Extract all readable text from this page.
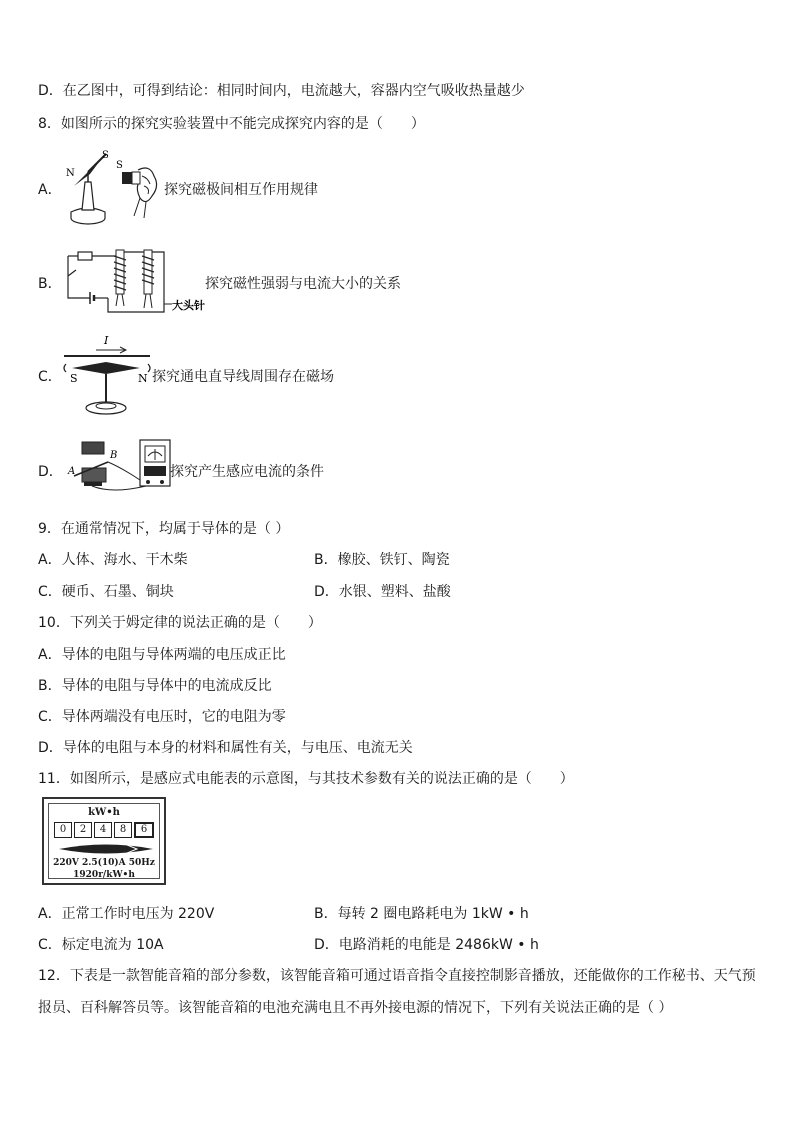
D．在乙图中，可得到结论：相同时间内，电流越大，容器内空气吸收热量越少
8．如图所示的探究实验装置中不能完成探究内容的是（　　）
A．
N
S
S
探究磁极间相互作用规律
B．
大头针
探究磁性强弱与电流大小的关系
C．
I
S	N 探究通电直导线周围存在磁场
D． A
B
探究产生感应电流的条件
9．在通常情况下，均属于导体的是（ ）
A．人体、海水、干木柴	B．橡胶、铁钉、陶瓷
C．硬币、石墨、铜块	D．水银、塑料、盐酸
10．下列关于姆定律的说法正确的是（　　）
A．导体的电阻与导体两端的电压成正比
B．导体的电阻与导体中的电流成反比
C．导体两端没有电压时，它的电阻为零
D．导体的电阻与本身的材料和属性有关，与电压、电流无关
11．如图所示，是感应式电能表的示意图，与其技术参数有关的说法正确的是（　　）
kW•h
0	2	4	8	6
220V 2.5(10)A 50Hz
1920r/kW•h
A．正常工作时电压为 220V	B．每转 2 圈电路耗电为 1kW • h
C．标定电流为 10A	D．电路消耗的电能是 2486kW • h
12．下表是一款智能音箱的部分参数，该智能音箱可通过语音指令直接控制影音播放，还能做你的工作秘书、天气预
报员、百科解答员等。该智能音箱的电池充满电且不再外接电源的情况下，下列有关说法正确的是（ ）
